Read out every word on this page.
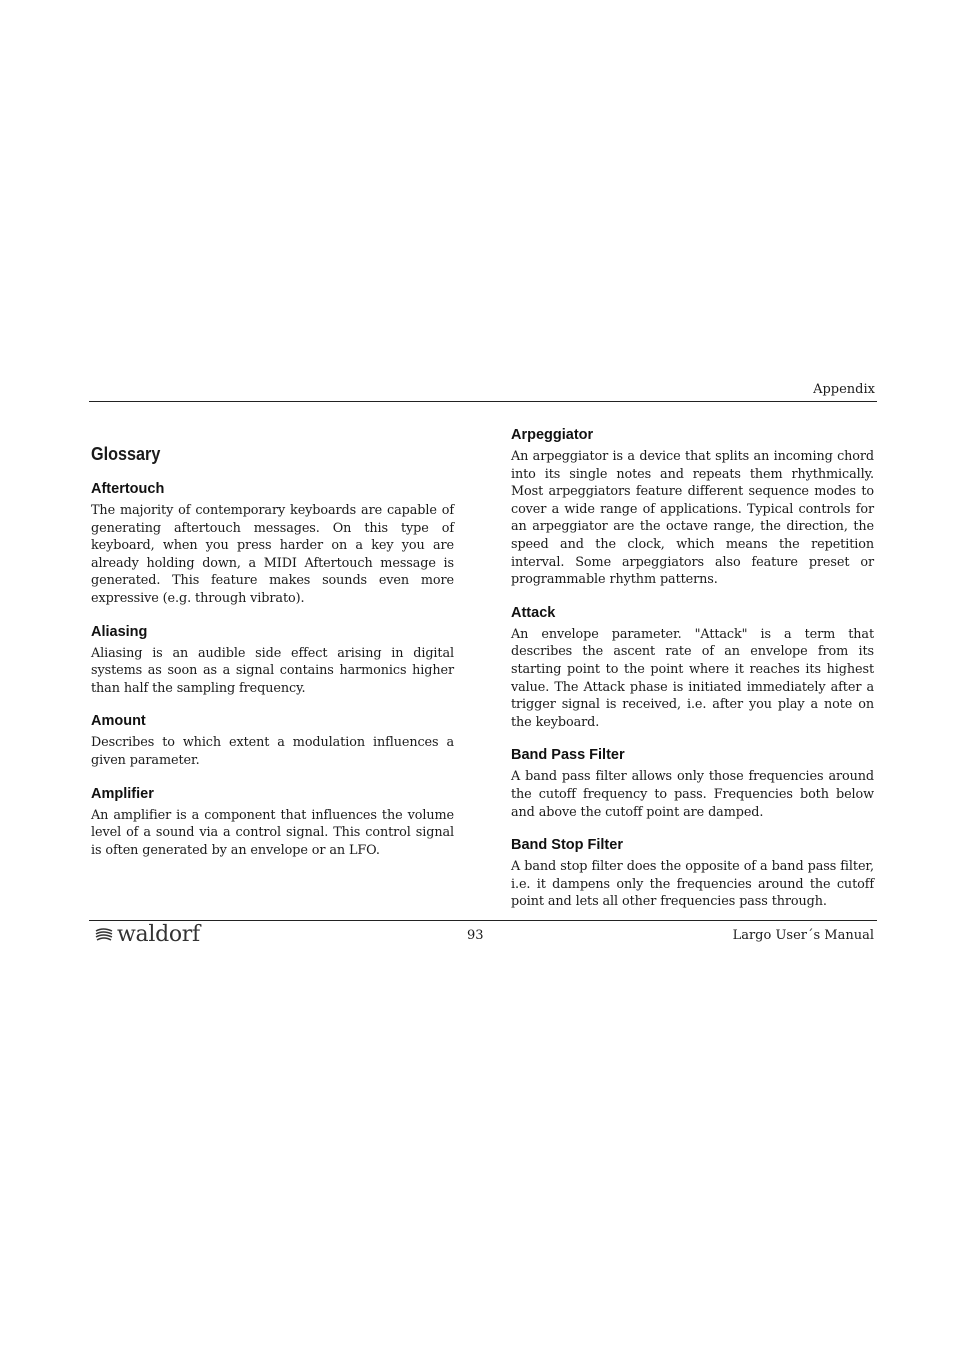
Appendix
Glossary
Aftertouch

The majority of contemporary keyboards are capable of generating aftertouch messages. On this type of keyboard, when you press harder on a key you are already holding down, a MIDI Aftertouch message is generated. This feature makes sounds even more expressive (e.g. through vibrato).

Aliasing

Aliasing is an audible side effect arising in digital systems as soon as a signal contains harmonics higher than half the sampling frequency.

Amount

Describes to which extent a modulation influences a given parameter.

Amplifier

An amplifier is a component that influences the volume level of a sound via a control signal. This control signal is often generated by an envelope or an LFO.

Arpeggiator

An arpeggiator is a device that splits an incoming chord into its single notes and repeats them rhythmically. Most arpeggiators feature different sequence modes to cover a wide range of applications. Typical controls for an arpeggiator are the octave range, the direction, the speed and the clock, which means the repetition interval. Some arpeggiators also feature preset or programmable rhythm patterns.

Attack

An envelope parameter. "Attack" is a term that describes the ascent rate of an envelope from its starting point to the point where it reaches its highest value. The Attack phase is initiated immediately after a trigger signal is received, i.e. after you play a note on the keyboard.

Band Pass Filter

A band pass filter allows only those frequencies around the cutoff frequency to pass. Frequencies both below and above the cutoff point are damped.

Band Stop Filter

A band stop filter does the opposite of a band pass filter, i.e. it dampens only the frequencies around the cutoff point and lets all other frequencies pass through.

waldorf	93	Largo User´s Manual
